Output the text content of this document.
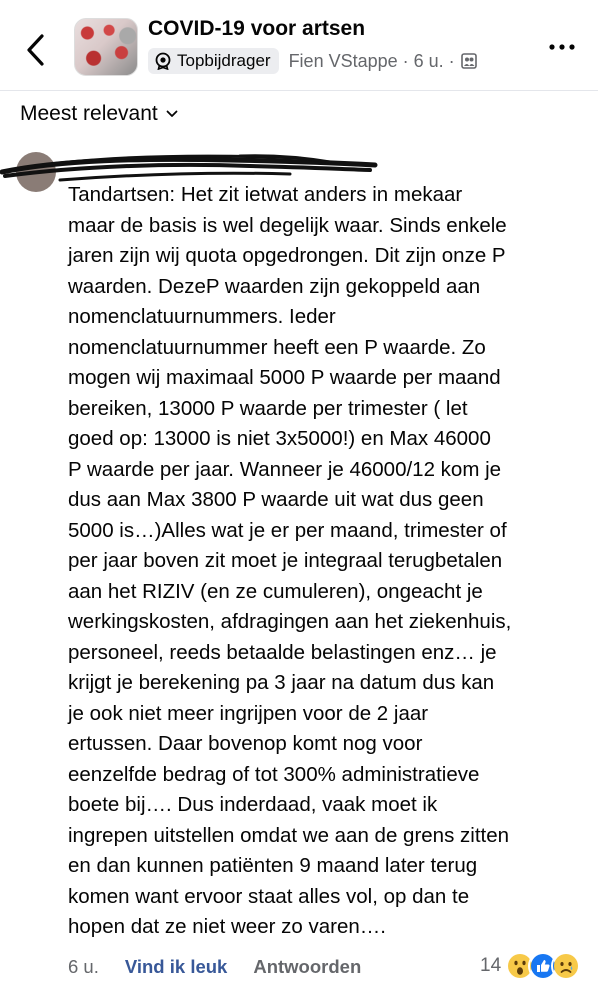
COVID-19 voor artsen
Topbijdrager Fien VStappe · 6 u. ·
Meest relevant
Tandartsen: Het zit ietwat anders in mekaar
maar de basis is wel degelijk waar. Sinds enkele
jaren zijn wij quota opgedrongen. Dit zijn onze P
waarden. DezeP waarden zijn gekoppeld aan
nomenclatuurnummers. Ieder
nomenclatuurnummer heeft een P waarde. Zo
mogen wij maximaal 5000 P waarde per maand
bereiken, 13000 P waarde per trimester ( let
goed op: 13000 is niet 3x5000!) en Max 46000
P waarde per jaar. Wanneer je 46000/12 kom je
dus aan Max 3800 P waarde uit wat dus geen
5000 is…)Alles wat je er per maand, trimester of
per jaar boven zit moet je integraal terugbetalen
aan het RIZIV (en ze cumuleren), ongeacht je
werkingskosten, afdragingen aan het ziekenhuis,
personeel, reeds betaalde belastingen enz… je
krijgt je berekening pa 3 jaar na datum dus kan
je ook niet meer ingrijpen voor de 2 jaar
ertussen. Daar bovenop komt nog voor
eenzelfde bedrag of tot 300% administratieve
boete bij…. Dus inderdaad, vaak moet ik
ingrepen uitstellen omdat we aan de grens zitten
en dan kunnen patiënten 9 maand later terug
komen want ervoor staat alles vol, op dan te
hopen dat ze niet weer zo varen….
6 u. Vind ik leuk Antwoorden	14
